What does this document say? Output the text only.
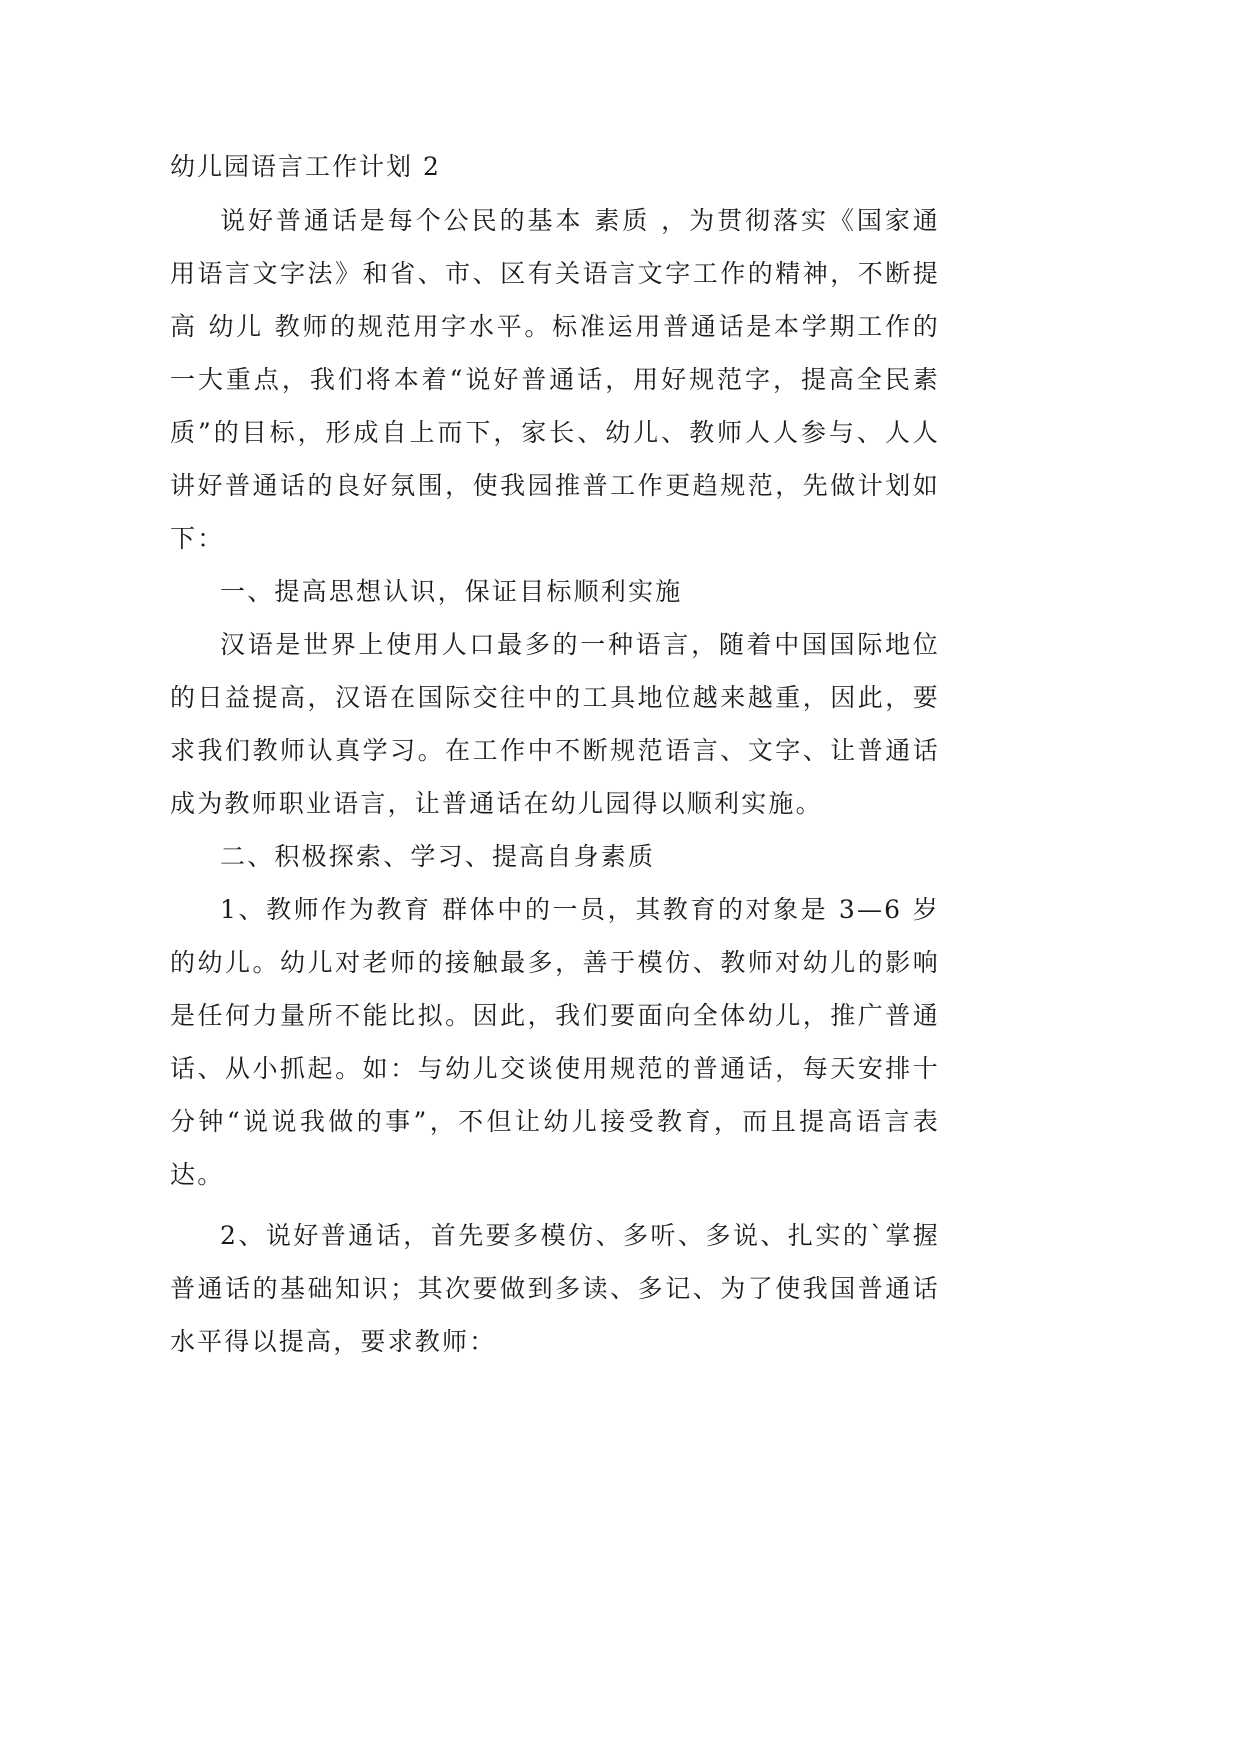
幼儿园语言工作计划 2

说好普通话是每个公民的基本 素质 ，为贯彻落实《国家通用语言文字法》和省、市、区有关语言文字工作的精神，不断提高 幼儿 教师的规范用字水平。标准运用普通话是本学期工作的一大重点，我们将本着“说好普通话，用好规范字，提高全民素质”的目标，形成自上而下，家长、幼儿、教师人人参与、人人讲好普通话的良好氛围，使我园推普工作更趋规范，先做计划如下：

一、提高思想认识，保证目标顺利实施

汉语是世界上使用人口最多的一种语言，随着中国国际地位的日益提高，汉语在国际交往中的工具地位越来越重，因此，要求我们教师认真学习。在工作中不断规范语言、文字、让普通话成为教师职业语言，让普通话在幼儿园得以顺利实施。

二、积极探索、学习、提高自身素质

1、教师作为教育 群体中的一员，其教育的对象是 3—6 岁的幼儿。幼儿对老师的接触最多，善于模仿、教师对幼儿的影响是任何力量所不能比拟。因此，我们要面向全体幼儿，推广普通话、从小抓起。如：与幼儿交谈使用规范的普通话，每天安排十分钟“说说我做的事”，不但让幼儿接受教育，而且提高语言表达。

2、说好普通话，首先要多模仿、多听、多说、扎实的`掌握普通话的基础知识；其次要做到多读、多记、为了使我国普通话水平得以提高，要求教师：
